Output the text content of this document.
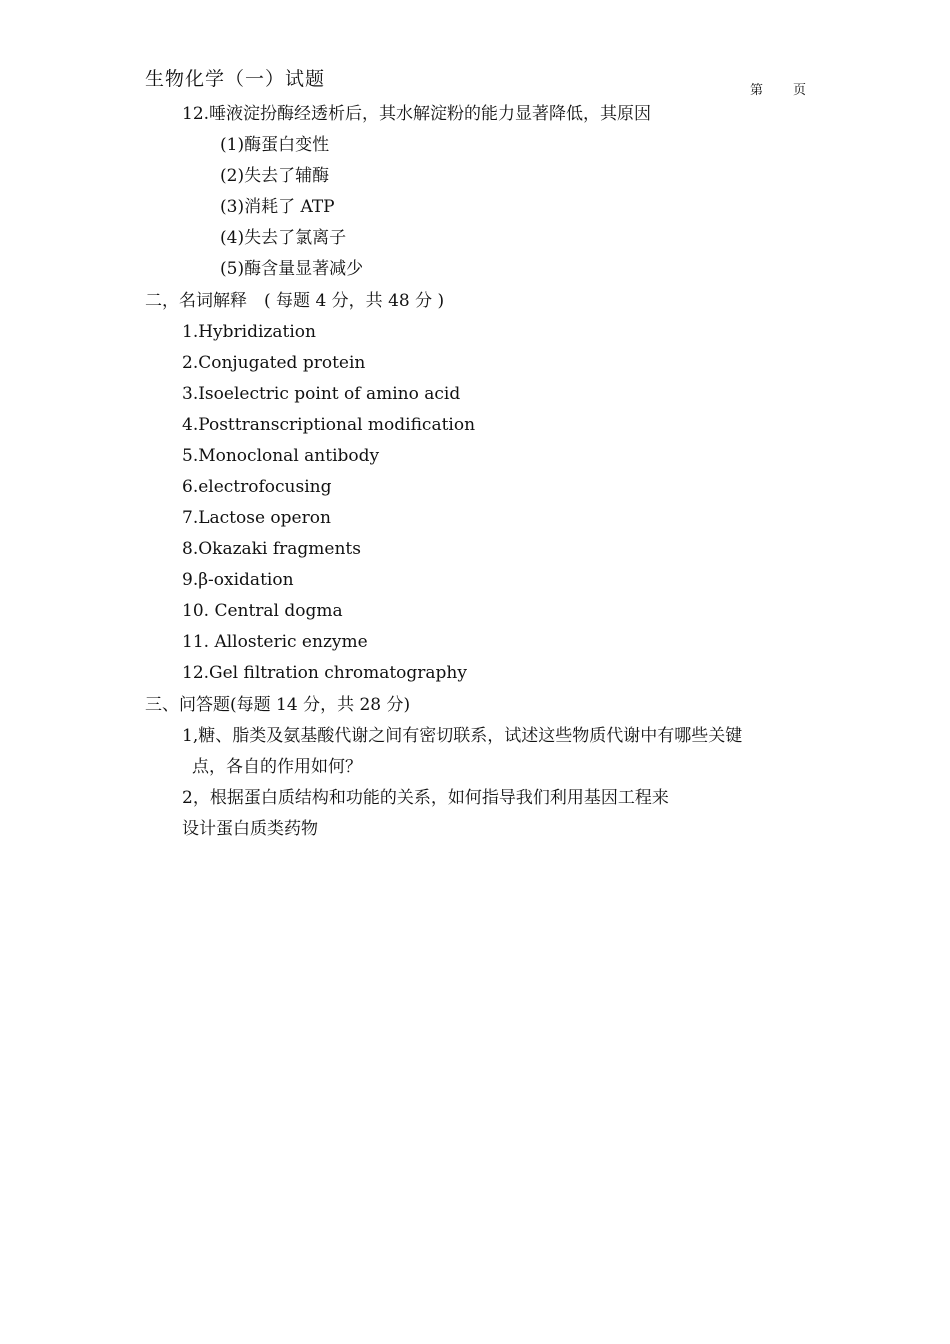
生物化学（一）试题
第 页
12.唾液淀扮酶经透析后，其水解淀粉的能力显著降低，其原因
(1)酶蛋白变性
(2)失去了辅酶
(3)消耗了 ATP
(4)失去了氯离子
(5)酶含量显著减少
二，名词解释　( 每题 4 分，共 48 分 )
1.Hybridization
2.Conjugated protein
3.Isoelectric point of amino acid
4.Posttranscriptional modification
5.Monoclonal antibody
6.electrofocusing
7.Lactose operon
8.Okazaki fragments
9.β-oxidation
10. Central dogma
11. Allosteric enzyme
12.Gel filtration chromatography
三、问答题(每题 14 分，共 28 分)
1,糖、脂类及氨基酸代谢之间有密切联系，试述这些物质代谢中有哪些关键
点，各自的作用如何？
2，根据蛋白质结构和功能的关系，如何指导我们利用基因工程来
设计蛋白质类药物
